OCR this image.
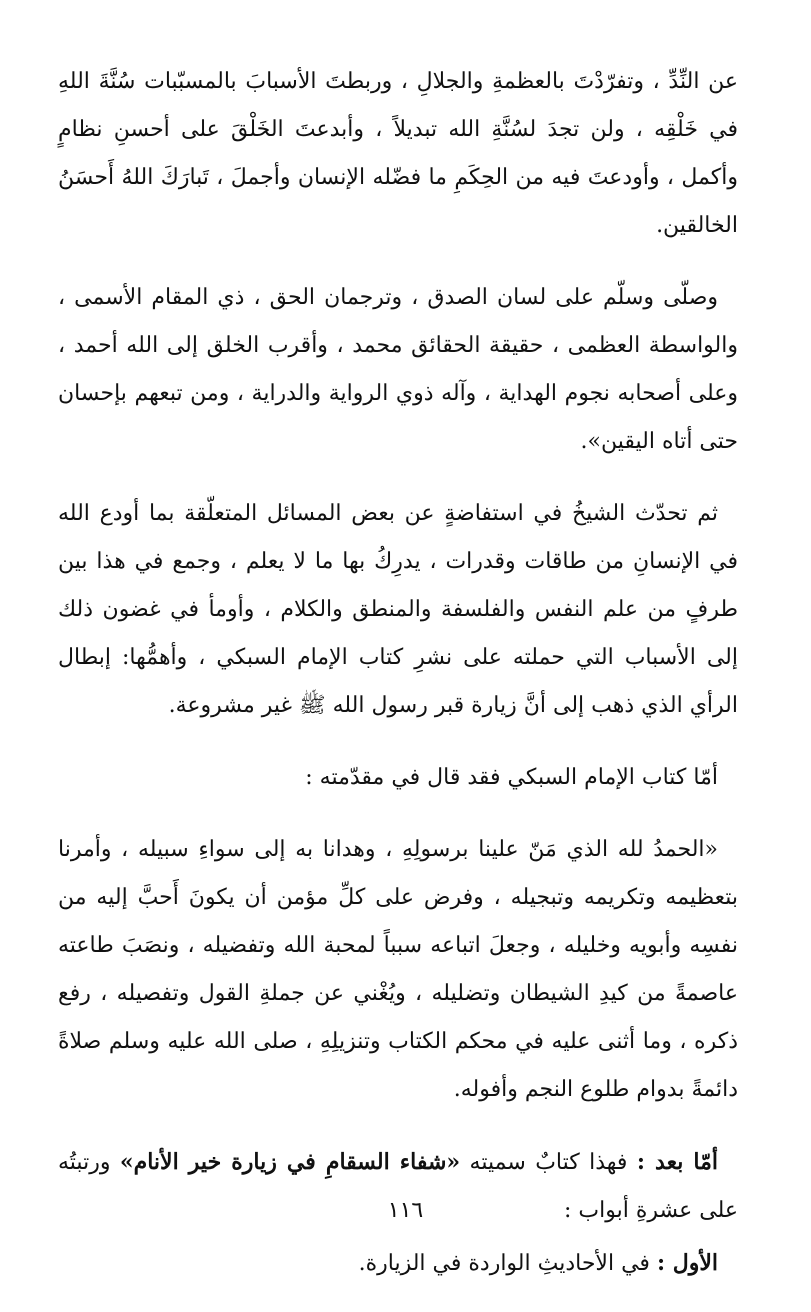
عن النِّدِّ ، وتفرّدْتَ بالعظمةِ والجلالِ ، وربطتَ الأسبابَ بالمسبّبات سُنَّةَ اللهِ في خَلْقِه ، ولن تجدَ لسُنَّةِ الله تبديلاً ، وأبدعتَ الخَلْقَ على أحسنِ نظامٍ وأكمل ، وأودعتَ فيه من الحِكَمِ ما فضّله الإنسان وأجملَ ، تَبارَكَ اللهُ أَحسَنُ الخالقين.

وصلّى وسلّم على لسان الصدق ، وترجمان الحق ، ذي المقام الأسمى ، والواسطة العظمى ، حقيقة الحقائق محمد ، وأقرب الخلق إلى الله أحمد ، وعلى أصحابه نجوم الهداية ، وآله ذوي الرواية والدراية ، ومن تبعهم بإحسان حتى أتاه اليقين».

ثم تحدّث الشيخُ في استفاضةٍ عن بعض المسائل المتعلّقة بما أودع الله في الإنسانِ من طاقات وقدرات ، يدرِكُ بها ما لا يعلم ، وجمع في هذا بين طرفٍ من علم النفس والفلسفة والمنطق والكلام ، وأومأ في غضون ذلك إلى الأسباب التي حملته على نشرِ كتاب الإمام السبكي ، وأهمُّها: إبطال الرأي الذي ذهب إلى أنَّ زيارة قبر رسول الله ﷺ غير مشروعة.

أمّا كتاب الإمام السبكي فقد قال في مقدّمته :

«الحمدُ لله الذي مَنّ علينا برسولِهِ ، وهدانا به إلى سواءِ سبيله ، وأمرنا بتعظيمه وتكريمه وتبجيله ، وفرض على كلِّ مؤمن أن يكونَ أَحبَّ إليه من نفسِه وأبويه وخليله ، وجعلَ اتباعه سبباً لمحبة الله وتفضيله ، ونصَبَ طاعته عاصمةً من كيدِ الشيطان وتضليله ، ويُغْني عن جملةِ القول وتفصيله ، رفع ذكره ، وما أثنى عليه في محكم الكتاب وتنزيلِهِ ، صلى الله عليه وسلم صلاةً دائمةً بدوام طلوع النجم وأفوله.

أمّا بعد : فهذا كتابٌ سميته «شفاء السقامِ في زيارة خير الأنام» ورتبتُه على عشرةِ أبواب :

الأول : في الأحاديثِ الواردة في الزيارة.

١١٦
